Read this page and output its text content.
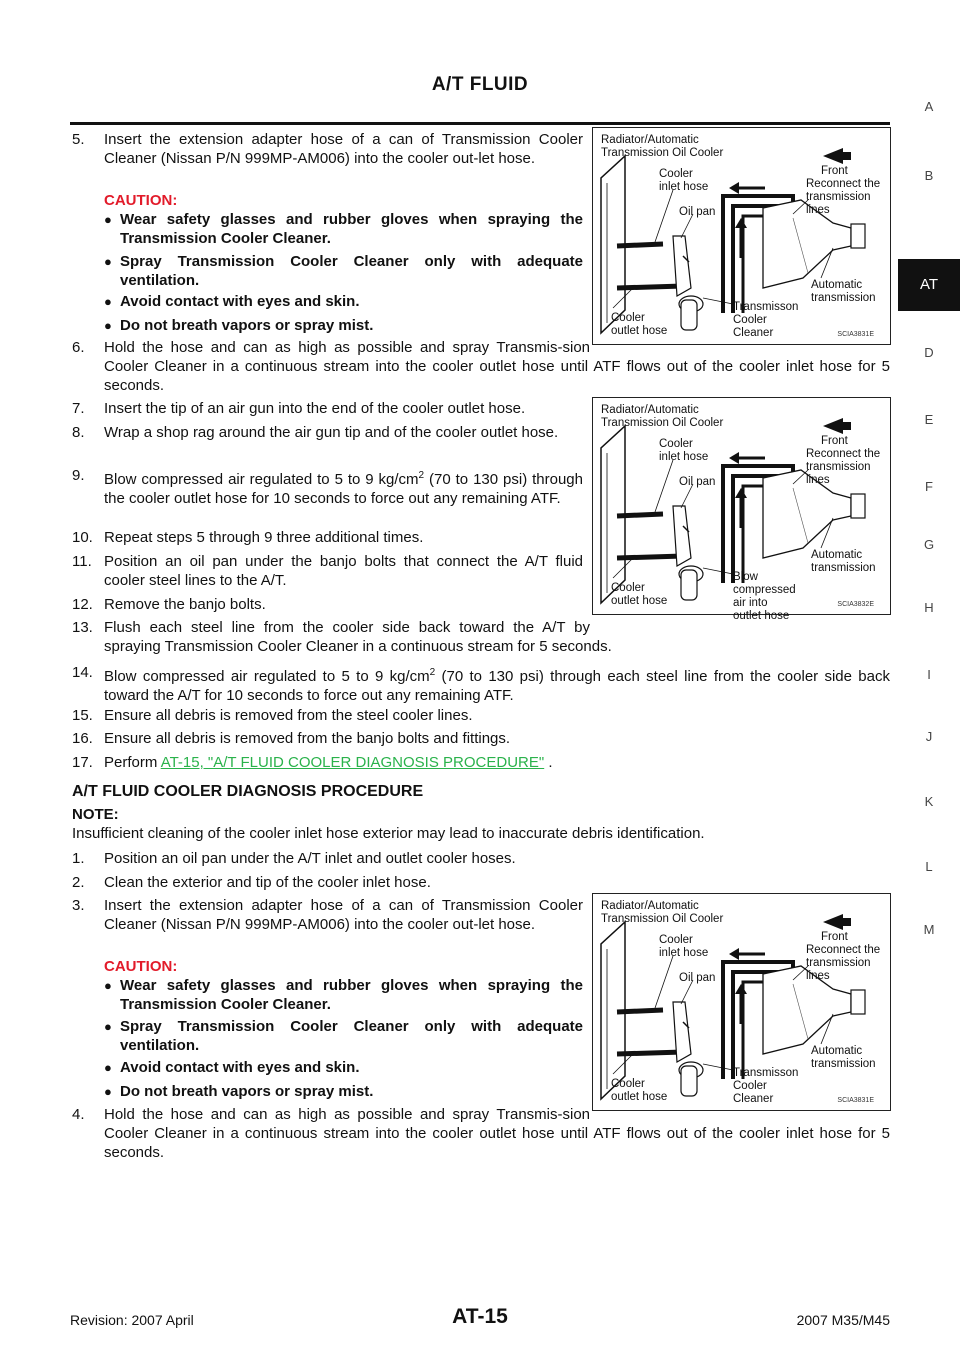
A/T FLUID
A
B
AT
D
E
F
G
H
I
J
K
L
M
5. Insert the extension adapter hose of a can of Transmission Cooler Cleaner (Nissan P/N 999MP-AM006) into the cooler out-let hose.
CAUTION:
● Wear safety glasses and rubber gloves when spraying the Transmission Cooler Cleaner.
● Spray Transmission Cooler Cleaner only with adequate ventilation.
● Avoid contact with eyes and skin.
● Do not breath vapors or spray mist.
6. Hold the hose and can as high as possible and spray Transmis-sion Cooler Cleaner in a continuous stream into the cooler outlet hose until ATF flows out of the cooler inlet hose for 5 seconds.
7. Insert the tip of an air gun into the end of the cooler outlet hose.
8. Wrap a shop rag around the air gun tip and of the cooler outlet hose.
9. Blow compressed air regulated to 5 to 9 $kg/cm^2$ (70 to 130 psi) through the cooler outlet hose for 10 seconds to force out any remaining ATF.
10. Repeat steps 5 through 9 three additional times.
11. Position an oil pan under the banjo bolts that connect the A/T fluid cooler steel lines to the A/T.
12. Remove the banjo bolts.
13. Flush each steel line from the cooler side back toward the A/T by spraying Transmission Cooler Cleaner in a continuous stream for 5 seconds.
14. Blow compressed air regulated to 5 to 9 $kg/cm^2$ (70 to 130 psi) through each steel line from the cooler side back toward the A/T for 10 seconds to force out any remaining ATF.
15. Ensure all debris is removed from the steel cooler lines.
16. Ensure all debris is removed from the banjo bolts and fittings.
17. Perform AT-15, "A/T FLUID COOLER DIAGNOSIS PROCEDURE" .
A/T FLUID COOLER DIAGNOSIS PROCEDURE
NOTE:
Insufficient cleaning of the cooler inlet hose exterior may lead to inaccurate debris identification.
1. Position an oil pan under the A/T inlet and outlet cooler hoses.
2. Clean the exterior and tip of the cooler inlet hose.
3. Insert the extension adapter hose of a can of Transmission Cooler Cleaner (Nissan P/N 999MP-AM006) into the cooler out-let hose.
CAUTION:
● Wear safety glasses and rubber gloves when spraying the Transmission Cooler Cleaner.
● Spray Transmission Cooler Cleaner only with adequate ventilation.
● Avoid contact with eyes and skin.
● Do not breath vapors or spray mist.
4. Hold the hose and can as high as possible and spray Transmis-sion Cooler Cleaner in a continuous stream into the cooler outlet hose until ATF flows out of the cooler inlet hose for 5 seconds.
Radiator/Automatic
Transmission Oil Cooler
Cooler
inlet hose
Front
Reconnect the
transmission
lines
Oil pan
Automatic
transmission
Transmisson
Cooler
Cleaner
Cooler
outlet hose	SCIA3831E
Radiator/Automatic
Transmission Oil Cooler
Cooler
inlet hose
Front
Reconnect the
transmission
lines
Oil pan
Automatic
transmission
Blow
compressed
air into
outlet hose
Cooler
outlet hose	SCIA3832E
Radiator/Automatic
Transmission Oil Cooler
Cooler
inlet hose
Front
Reconnect the
transmission
lines
Oil pan
Automatic
transmission
Transmisson
Cooler
Cleaner
Cooler
outlet hose	SCIA3831E
Revision: 2007 April	AT-15	2007 M35/M45
